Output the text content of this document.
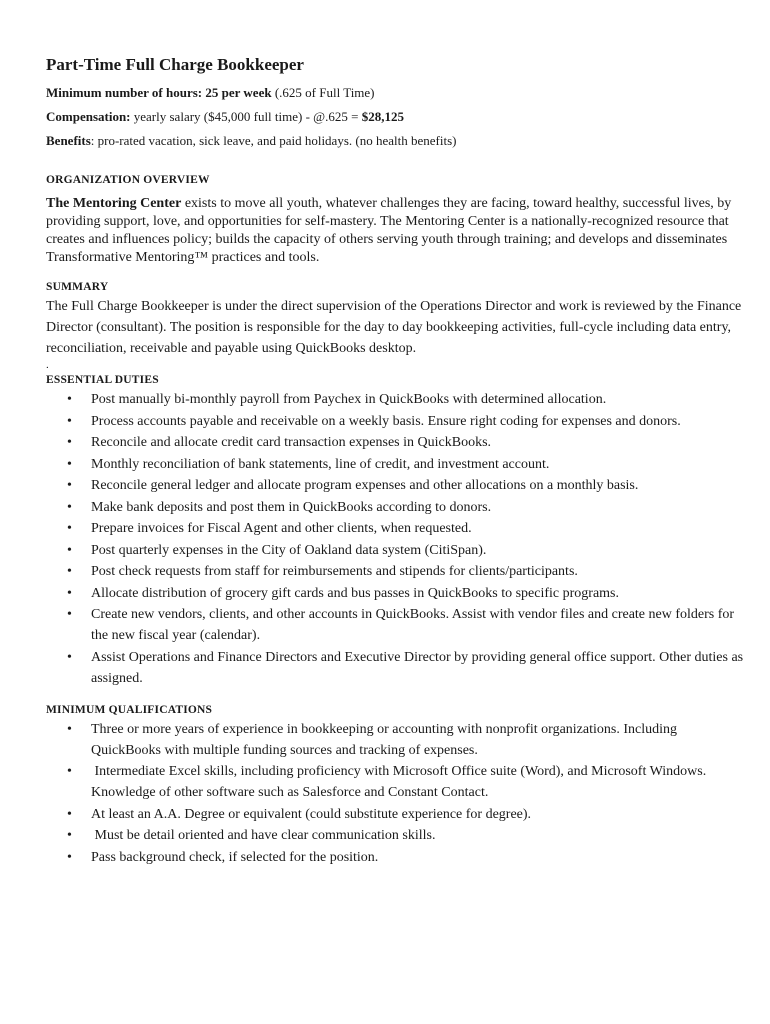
Part-Time Full Charge Bookkeeper
Minimum number of hours: 25 per week (.625 of Full Time)
Compensation: yearly salary ($45,000 full time) - @.625 = $28,125
Benefits: pro-rated vacation, sick leave, and paid holidays. (no health benefits)
ORGANIZATION OVERVIEW
The Mentoring Center exists to move all youth, whatever challenges they are facing, toward healthy, successful lives, by providing support, love, and opportunities for self-mastery. The Mentoring Center is a nationally-recognized resource that creates and influences policy; builds the capacity of others serving youth through training; and develops and disseminates Transformative Mentoring™ practices and tools.
SUMMARY
The Full Charge Bookkeeper is under the direct supervision of the Operations Director and work is reviewed by the Finance Director (consultant). The position is responsible for the day to day bookkeeping activities, full-cycle including data entry, reconciliation, receivable and payable using QuickBooks desktop.
.
ESSENTIAL DUTIES
• Post manually bi-monthly payroll from Paychex in QuickBooks with determined allocation.
• Process accounts payable and receivable on a weekly basis. Ensure right coding for expenses and donors.
• Reconcile and allocate credit card transaction expenses in QuickBooks.
• Monthly reconciliation of bank statements, line of credit, and investment account.
• Reconcile general ledger and allocate program expenses and other allocations on a monthly basis.
• Make bank deposits and post them in QuickBooks according to donors.
• Prepare invoices for Fiscal Agent and other clients, when requested.
• Post quarterly expenses in the City of Oakland data system (CitiSpan).
• Post check requests from staff for reimbursements and stipends for clients/participants.
• Allocate distribution of grocery gift cards and bus passes in QuickBooks to specific programs.
• Create new vendors, clients, and other accounts in QuickBooks. Assist with vendor files and create new folders for the new fiscal year (calendar).
• Assist Operations and Finance Directors and Executive Director by providing general office support. Other duties as assigned.
MINIMUM QUALIFICATIONS
• Three or more years of experience in bookkeeping or accounting with nonprofit organizations. Including QuickBooks with multiple funding sources and tracking of expenses.
• Intermediate Excel skills, including proficiency with Microsoft Office suite (Word), and Microsoft Windows. Knowledge of other software such as Salesforce and Constant Contact.
• At least an A.A. Degree or equivalent (could substitute experience for degree).
• Must be detail oriented and have clear communication skills.
• Pass background check, if selected for the position.
